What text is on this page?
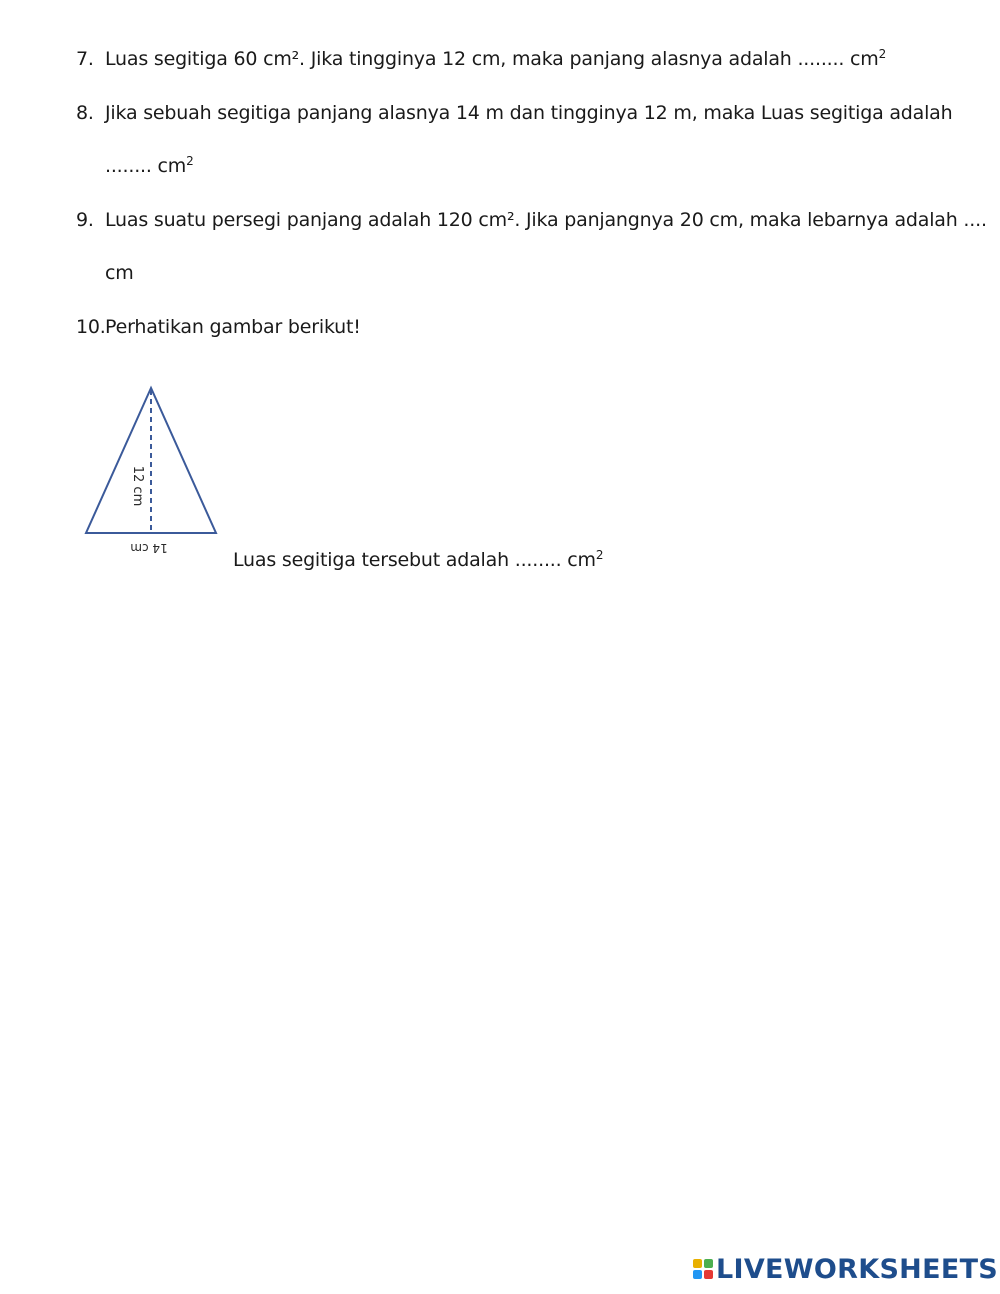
7. Luas segitiga 60 cm². Jika tingginya 12 cm, maka panjang alasnya adalah ........ $cm^2$
8. Jika sebuah segitiga panjang alasnya 14 m dan tingginya 12 m, maka Luas segitiga adalah
........ $cm^2$
9. Luas suatu persegi panjang adalah 120 cm². Jika panjangnya 20 cm, maka lebarnya adalah ....
cm
10. Perhatikan gambar berikut!
12 cm
14 cm
Luas segitiga tersebut adalah ........ $cm^2$
LIVEWORKSHEETS
